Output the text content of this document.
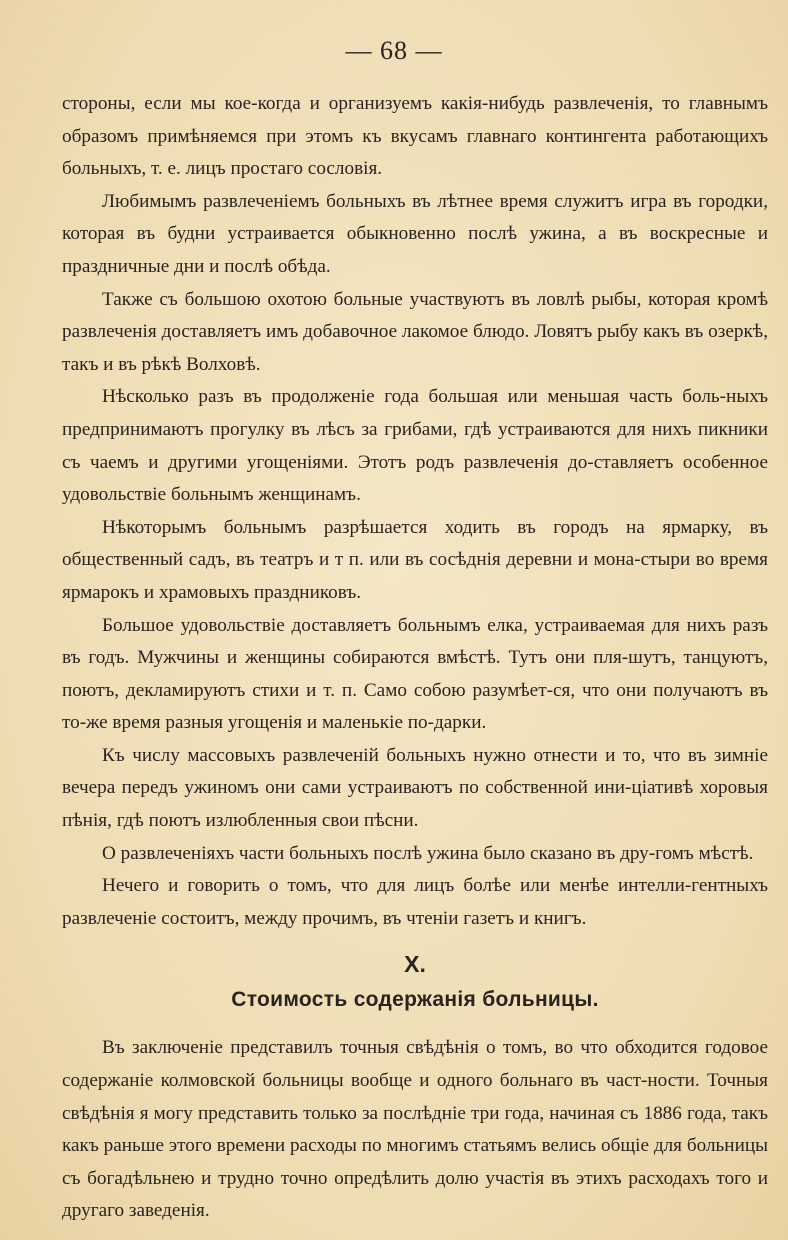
— 68 —

стороны, если мы кое-когда и организуемъ какія-нибудь развлеченія, то главнымъ образомъ примѣняемся при этомъ къ вкусамъ главнаго контингента работающихъ больныхъ, т. е. лицъ простаго сословія.

Любимымъ развлеченіемъ больныхъ въ лѣтнее время служитъ игра въ городки, которая въ будни устраивается обыкновенно послѣ ужина, а въ воскресные и праздничные дни и послѣ обѣда.

Также съ большою охотою больные участвуютъ въ ловлѣ рыбы, которая кромѣ развлеченія доставляетъ имъ добавочное лакомое блюдо. Ловятъ рыбу какъ въ озеркѣ, такъ и въ рѣкѣ Волховѣ.

Нѣсколько разъ въ продолженіе года большая или меньшая часть боль-ныхъ предпринимаютъ прогулку въ лѣсъ за грибами, гдѣ устраиваются для нихъ пикники съ чаемъ и другими угощеніями. Этотъ родъ развлеченія до-ставляетъ особенное удовольствіе больнымъ женщинамъ.

Нѣкоторымъ больнымъ разрѣшается ходить въ городъ на ярмарку, въ общественный садъ, въ театръ и т п. или въ сосѣднія деревни и мона-стыри во время ярмарокъ и храмовыхъ праздниковъ.

Большое удовольствіе доставляетъ больнымъ елка, устраиваемая для нихъ разъ въ годъ. Мужчины и женщины собираются вмѣстѣ. Тутъ они пля-шутъ, танцуютъ, поютъ, декламируютъ стихи и т. п. Само собою разумѣет-ся, что они получаютъ въ то-же время разныя угощенія и маленькіе по-дарки.

Къ числу массовыхъ развлеченій больныхъ нужно отнести и то, что въ зимніе вечера передъ ужиномъ они сами устраиваютъ по собственной ини-ціативѣ хоровыя пѣнія, гдѣ поютъ излюбленныя свои пѣсни.

О развлеченіяхъ части больныхъ послѣ ужина было сказано въ дру-гомъ мѣстѣ.

Нечего и говорить о томъ, что для лицъ болѣе или менѣе интелли-гентныхъ развлеченіе состоитъ, между прочимъ, въ чтеніи газетъ и книгъ.

X.
Стоимость содержанія больницы.

Въ заключеніе представилъ точныя свѣдѣнія о томъ, во что обходится годовое содержаніе колмовской больницы вообще и одного больнаго въ част-ности. Точныя свѣдѣнія я могу представить только за послѣдніе три года, начиная съ 1886 года, такъ какъ раньше этого времени расходы по многимъ статьямъ велись общіе для больницы съ богадѣльнею и трудно точно опредѣлить долю участія въ этихъ расходахъ того и другаго заведенія.
